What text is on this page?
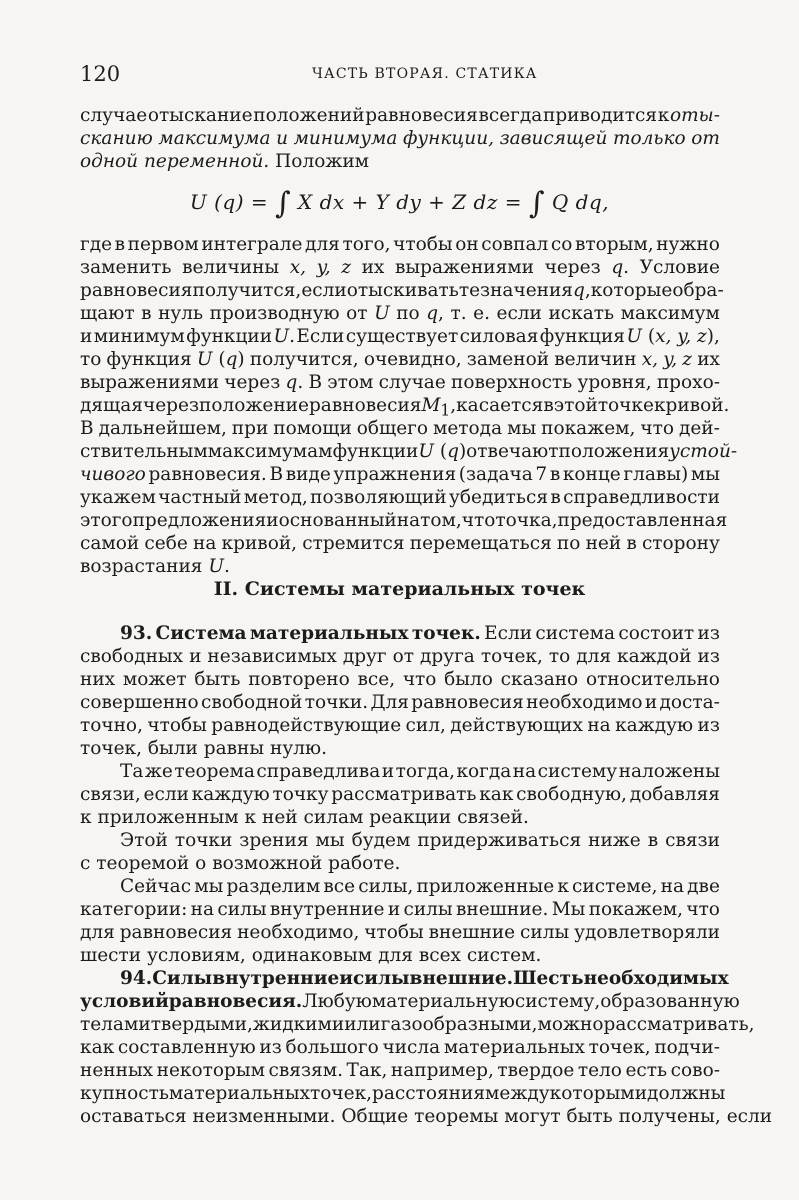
120	ЧАСТЬ ВТОРАЯ. СТАТИКА
случае отыскание положений равновесия всегда приводится к оты-
сканию максимума и минимума функции, зависящей только от
одной переменной. Положим
U (q) = ∫ X dx + Y dy + Z dz = ∫ Q dq,
где в первом интеграле для того, чтобы он совпал со вторым, нужно
заменить величины x, y, z их выражениями через q. Условие
равновесия получится, если отыскивать те значения q, которые обра-
щают в нуль производную от U по q, т. е. если искать максимум
и минимум функции U. Если существует силовая функция U (x, y, z),
то функция U (q) получится, очевидно, заменой величин x, y, z их
выражениями через q. В этом случае поверхность уровня, прохо-
дящая через положение равновесия $M_1$, касается в этой точке кривой.
В дальнейшем, при помощи общего метода мы покажем, что дей-
ствительным максимумам функции U (q) отвечают положения устой-
чивого равновесия. В виде упражнения (задача 7 в конце главы) мы
укажем частный метод, позволяющий убедиться в справедливости
этого предложения и основанный на том, что точка, предоставленная
самой себе на кривой, стремится перемещаться по ней в сторону
возрастания U.
II. Системы материальных точек
93. Система материальных точек. Если система состоит из
свободных и независимых друг от друга точек, то для каждой из
них может быть повторено все, что было сказано относительно
совершенно свободной точки. Для равновесия необходимо и доста-
точно, чтобы равнодействующие сил, действующих на каждую из
точек, были равны нулю.
Та же теорема справедлива и тогда, когда на систему наложены
связи, если каждую точку рассматривать как свободную, добавляя
к приложенным к ней силам реакции связей.
Этой точки зрения мы будем придерживаться ниже в связи
с теоремой о возможной работе.
Сейчас мы разделим все силы, приложенные к системе, на две
категории: на силы внутренние и силы внешние. Мы покажем, что
для равновесия необходимо, чтобы внешние силы удовлетворяли
шести условиям, одинаковым для всех систем.
94. Силы внутренние и силы внешние. Шесть необходимых
условий равновесия. Любую материальную систему, образованную
телами твердыми, жидкими или газообразными, можно рассматривать,
как составленную из большого числа материальных точек, подчи-
ненных некоторым связям. Так, например, твердое тело есть сово-
купность материальных точек, расстояния между которыми должны
оставаться неизменными. Общие теоремы могут быть получены, если
